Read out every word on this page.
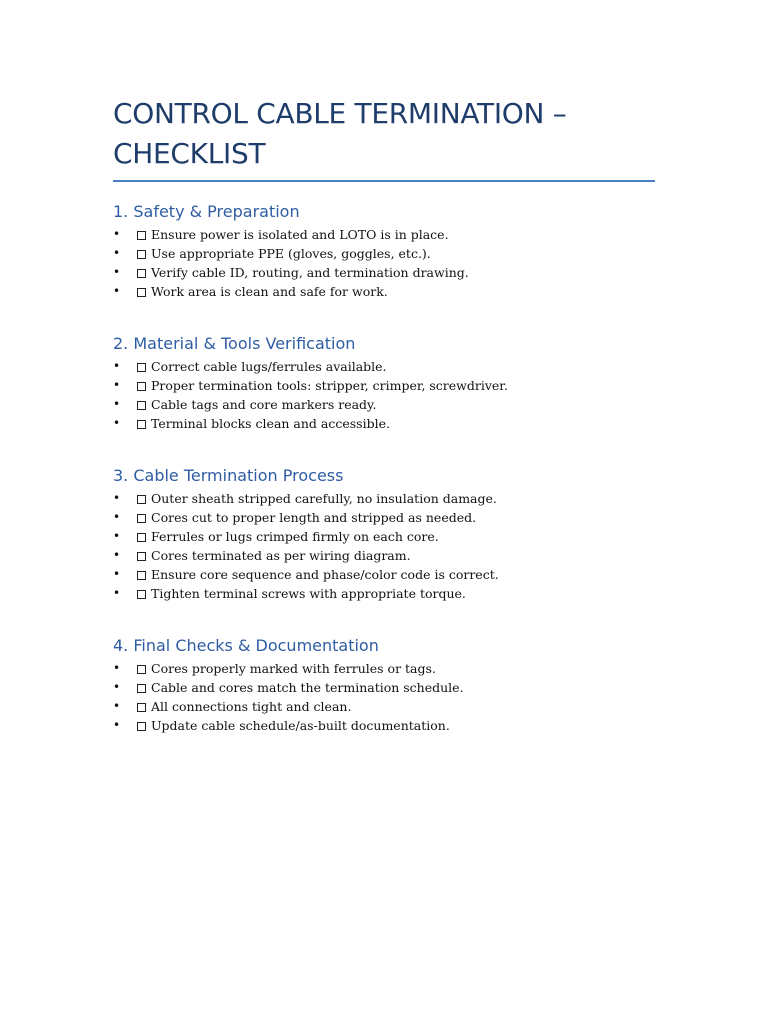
CONTROL CABLE TERMINATION –
CHECKLIST
1. Safety & Preparation
• Ensure power is isolated and LOTO is in place.
• Use appropriate PPE (gloves, goggles, etc.).
• Verify cable ID, routing, and termination drawing.
• Work area is clean and safe for work.
2. Material & Tools Verification
• Correct cable lugs/ferrules available.
• Proper termination tools: stripper, crimper, screwdriver.
• Cable tags and core markers ready.
• Terminal blocks clean and accessible.
3. Cable Termination Process
• Outer sheath stripped carefully, no insulation damage.
• Cores cut to proper length and stripped as needed.
• Ferrules or lugs crimped firmly on each core.
• Cores terminated as per wiring diagram.
• Ensure core sequence and phase/color code is correct.
• Tighten terminal screws with appropriate torque.
4. Final Checks & Documentation
• Cores properly marked with ferrules or tags.
• Cable and cores match the termination schedule.
• All connections tight and clean.
• Update cable schedule/as-built documentation.
